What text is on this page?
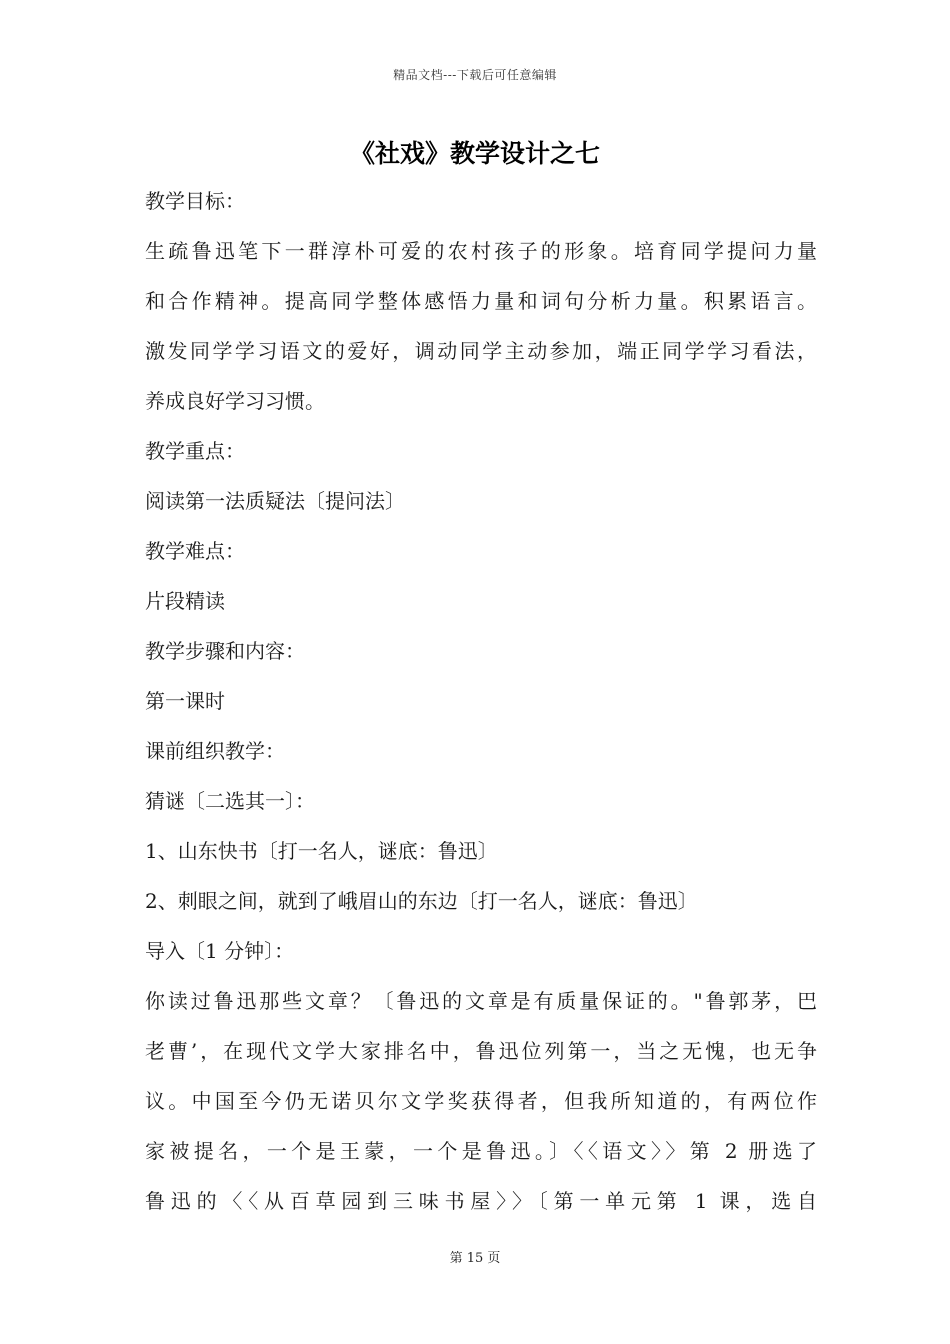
精品文档---下载后可任意编辑
《社戏》教学设计之七
教学目标：
生疏鲁迅笔下一群淳朴可爱的农村孩子的形象。培育同学提问力量
和合作精神。提高同学整体感悟力量和词句分析力量。积累语言。
激发同学学习语文的爱好，调动同学主动参加，端正同学学习看法，
养成良好学习习惯。
教学重点：
阅读第一法质疑法〔提问法〕
教学难点：
片段精读
教学步骤和内容：
第一课时
课前组织教学：
猜谜〔二选其一〕：
1、山东快书〔打一名人，谜底：鲁迅〕
2、刺眼之间，就到了峨眉山的东边〔打一名人，谜底：鲁迅〕
导入〔1 分钟〕：
你读过鲁迅那些文章？〔鲁迅的文章是有质量保证的。"鲁郭茅，巴
老曹’，在现代文学大家排名中，鲁迅位列第一，当之无愧，也无争
议。中国至今仍无诺贝尔文学奖获得者，但我所知道的，有两位作
家被提名，一个是王蒙，一个是鲁迅。〕〈〈语文〉〉第 2 册选了
鲁迅的〈〈从百草园到三味书屋〉〉〔第一单元第 1 课，选自
第 15 页
